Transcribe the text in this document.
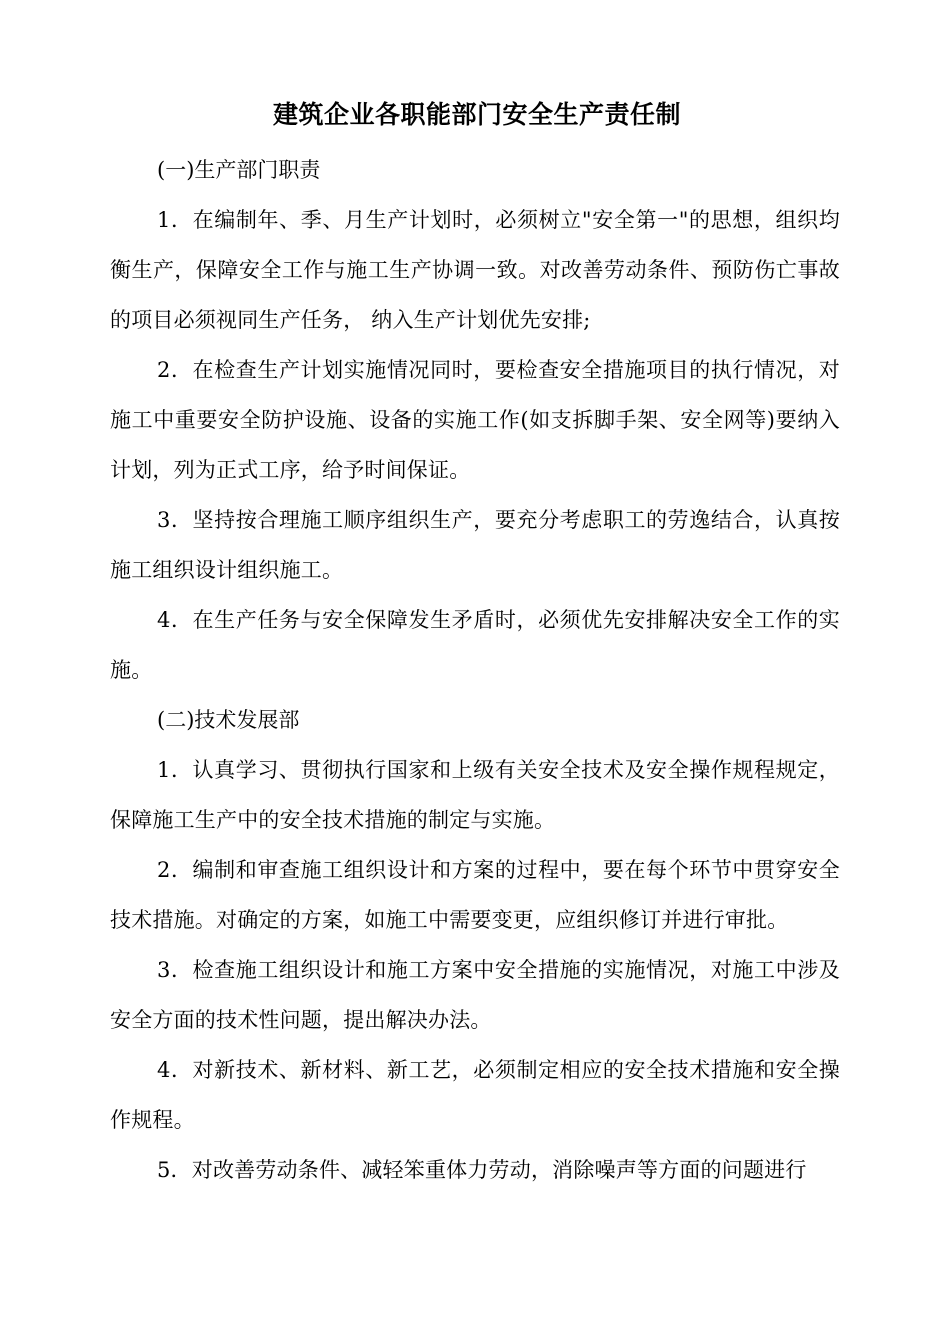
建筑企业各职能部门安全生产责任制

(一)生产部门职责

1．在编制年、季、月生产计划时，必须树立"安全第一"的思想，组织均衡生产，保障安全工作与施工生产协调一致。对改善劳动条件、预防伤亡事故的项目必须视同生产任务， 纳入生产计划优先安排;

2．在检查生产计划实施情况同时，要检查安全措施项目的执行情况，对施工中重要安全防护设施、设备的实施工作(如支拆脚手架、安全网等)要纳入计划，列为正式工序，给予时间保证。

3．坚持按合理施工顺序组织生产，要充分考虑职工的劳逸结合，认真按施工组织设计组织施工。

4．在生产任务与安全保障发生矛盾时，必须优先安排解决安全工作的实施。

(二)技术发展部

1．认真学习、贯彻执行国家和上级有关安全技术及安全操作规程规定，保障施工生产中的安全技术措施的制定与实施。

2．编制和审查施工组织设计和方案的过程中，要在每个环节中贯穿安全技术措施。对确定的方案，如施工中需要变更，应组织修订并进行审批。

3．检查施工组织设计和施工方案中安全措施的实施情况，对施工中涉及安全方面的技术性问题，提出解决办法。

4．对新技术、新材料、新工艺，必须制定相应的安全技术措施和安全操作规程。

5．对改善劳动条件、减轻笨重体力劳动，消除噪声等方面的问题进行
